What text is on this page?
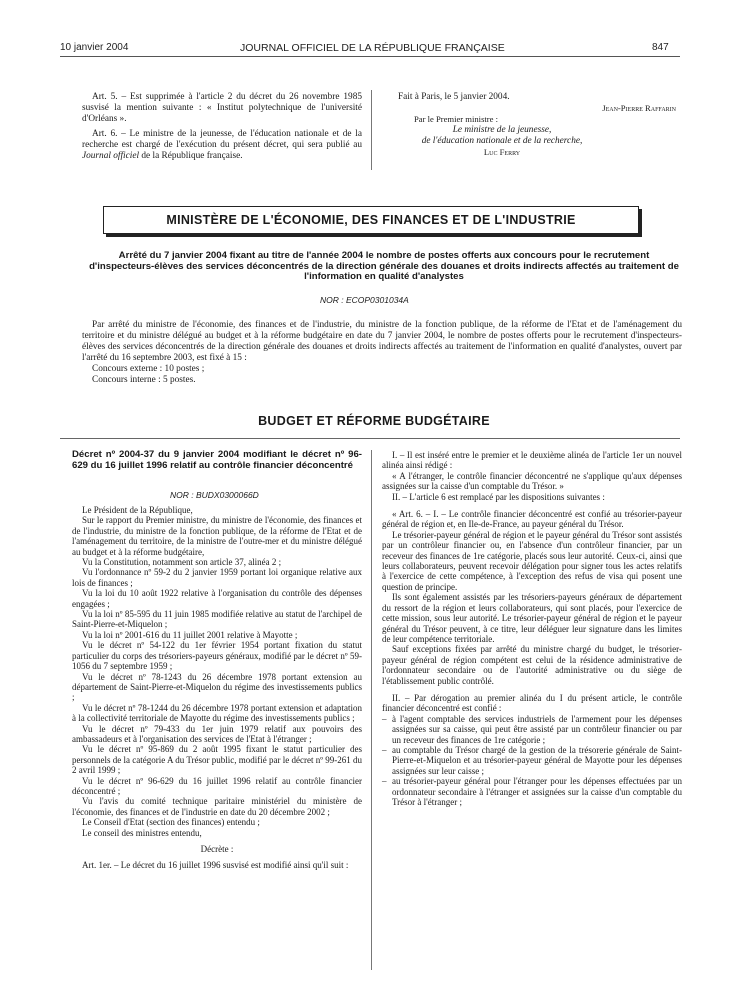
10 janvier 2004	JOURNAL OFFICIEL DE LA RÉPUBLIQUE FRANÇAISE	847

Art. 5. – Est supprimée à l'article 2 du décret du 26 novembre 1985 susvisé la mention suivante : « Institut polytechnique de l'université d'Orléans ».

Art. 6. – Le ministre de la jeunesse, de l'éducation nationale et de la recherche est chargé de l'exécution du présent décret, qui sera publié au Journal officiel de la République française.

Fait à Paris, le 5 janvier 2004.
Jean-Pierre Raffarin
Par le Premier ministre :
Le ministre de la jeunesse,
de l'éducation nationale et de la recherche,
Luc Ferry
MINISTÈRE DE L'ÉCONOMIE, DES FINANCES ET DE L'INDUSTRIE
Arrêté du 7 janvier 2004 fixant au titre de l'année 2004 le nombre de postes offerts aux concours pour le recrutement d'inspecteurs-élèves des services déconcentrés de la direction générale des douanes et droits indirects affectés au traitement de l'information en qualité d'analystes
NOR : ECOP0301034A

Par arrêté du ministre de l'économie, des finances et de l'industrie, du ministre de la fonction publique, de la réforme de l'Etat et de l'aménagement du territoire et du ministre délégué au budget et à la réforme budgétaire en date du 7 janvier 2004, le nombre de postes offerts pour le recrutement d'inspecteurs-élèves des services déconcentrés de la direction générale des douanes et droits indirects affectés au traitement de l'information en qualité d'analystes, ouvert par l'arrêté du 16 septembre 2003, est fixé à 15 :

Concours externe : 10 postes ;

Concours interne : 5 postes.

BUDGET ET RÉFORME BUDGÉTAIRE
Décret nº 2004-37 du 9 janvier 2004 modifiant le décret nº 96-629 du 16 juillet 1996 relatif au contrôle financier déconcentré
NOR : BUDX0300066D

Le Président de la République,

Sur le rapport du Premier ministre, du ministre de l'économie, des finances et de l'industrie, du ministre de la fonction publique, de la réforme de l'Etat et de l'aménagement du territoire, de la ministre de l'outre-mer et du ministre délégué au budget et à la réforme budgétaire,

Vu la Constitution, notamment son article 37, alinéa 2 ;

Vu l'ordonnance nº 59-2 du 2 janvier 1959 portant loi organique relative aux lois de finances ;

Vu la loi du 10 août 1922 relative à l'organisation du contrôle des dépenses engagées ;

Vu la loi nº 85-595 du 11 juin 1985 modifiée relative au statut de l'archipel de Saint-Pierre-et-Miquelon ;

Vu la loi nº 2001-616 du 11 juillet 2001 relative à Mayotte ;

Vu le décret nº 54-122 du 1er février 1954 portant fixation du statut particulier du corps des trésoriers-payeurs généraux, modifié par le décret nº 59-1056 du 7 septembre 1959 ;

Vu le décret nº 78-1243 du 26 décembre 1978 portant extension au département de Saint-Pierre-et-Miquelon du régime des investissements publics ;

Vu le décret nº 78-1244 du 26 décembre 1978 portant extension et adaptation à la collectivité territoriale de Mayotte du régime des investissements publics ;

Vu le décret nº 79-433 du 1er juin 1979 relatif aux pouvoirs des ambassadeurs et à l'organisation des services de l'Etat à l'étranger ;

Vu le décret nº 95-869 du 2 août 1995 fixant le statut particulier des personnels de la catégorie A du Trésor public, modifié par le décret nº 99-261 du 2 avril 1999 ;

Vu le décret nº 96-629 du 16 juillet 1996 relatif au contrôle financier déconcentré ;

Vu l'avis du comité technique paritaire ministériel du ministère de l'économie, des finances et de l'industrie en date du 20 décembre 2002 ;

Le Conseil d'Etat (section des finances) entendu ;

Le conseil des ministres entendu,

Décrète :

Art. 1er. – Le décret du 16 juillet 1996 susvisé est modifié ainsi qu'il suit :

I. – Il est inséré entre le premier et le deuxième alinéa de l'article 1er un nouvel alinéa ainsi rédigé :

« A l'étranger, le contrôle financier déconcentré ne s'applique qu'aux dépenses assignées sur la caisse d'un comptable du Trésor. »

II. – L'article 6 est remplacé par les dispositions suivantes :

« Art. 6. – I. – Le contrôle financier déconcentré est confié au trésorier-payeur général de région et, en Ile-de-France, au payeur général du Trésor.

Le trésorier-payeur général de région et le payeur général du Trésor sont assistés par un contrôleur financier ou, en l'absence d'un contrôleur financier, par un receveur des finances de 1re catégorie, placés sous leur autorité. Ceux-ci, ainsi que leurs collaborateurs, peuvent recevoir délégation pour signer tous les actes relatifs à l'exercice de cette compétence, à l'exception des refus de visa qui posent une question de principe.

Ils sont également assistés par les trésoriers-payeurs généraux de département du ressort de la région et leurs collaborateurs, qui sont placés, pour l'exercice de cette mission, sous leur autorité. Le trésorier-payeur général de région et le payeur général du Trésor peuvent, à ce titre, leur déléguer leur signature dans les limites de leur compétence territoriale.

Sauf exceptions fixées par arrêté du ministre chargé du budget, le trésorier-payeur général de région compétent est celui de la résidence administrative de l'ordonnateur secondaire ou de l'autorité administrative ou du siège de l'établissement public contrôlé.

II. – Par dérogation au premier alinéa du I du présent article, le contrôle financier déconcentré est confié :

– à l'agent comptable des services industriels de l'armement pour les dépenses assignées sur sa caisse, qui peut être assisté par un contrôleur financier ou par un receveur des finances de 1re catégorie ;

– au comptable du Trésor chargé de la gestion de la trésorerie générale de Saint-Pierre-et-Miquelon et au trésorier-payeur général de Mayotte pour les dépenses assignées sur leur caisse ;

– au trésorier-payeur général pour l'étranger pour les dépenses effectuées par un ordonnateur secondaire à l'étranger et assignées sur la caisse d'un comptable du Trésor à l'étranger ;
